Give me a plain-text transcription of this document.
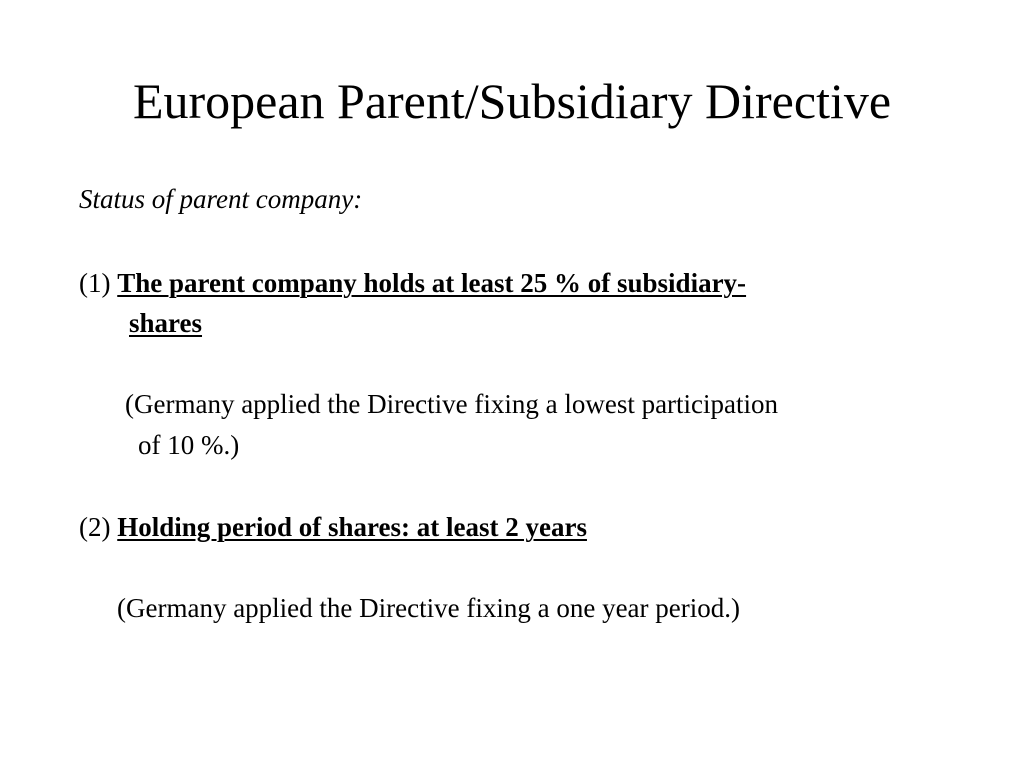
European Parent/Subsidiary Directive
Status of parent company:
(1) The parent company holds at least 25 % of subsidiary-
shares
(Germany applied the Directive fixing a lowest participation
of 10 %.)
(2) Holding period of shares: at least 2 years
(Germany applied the Directive fixing a one year period.)
